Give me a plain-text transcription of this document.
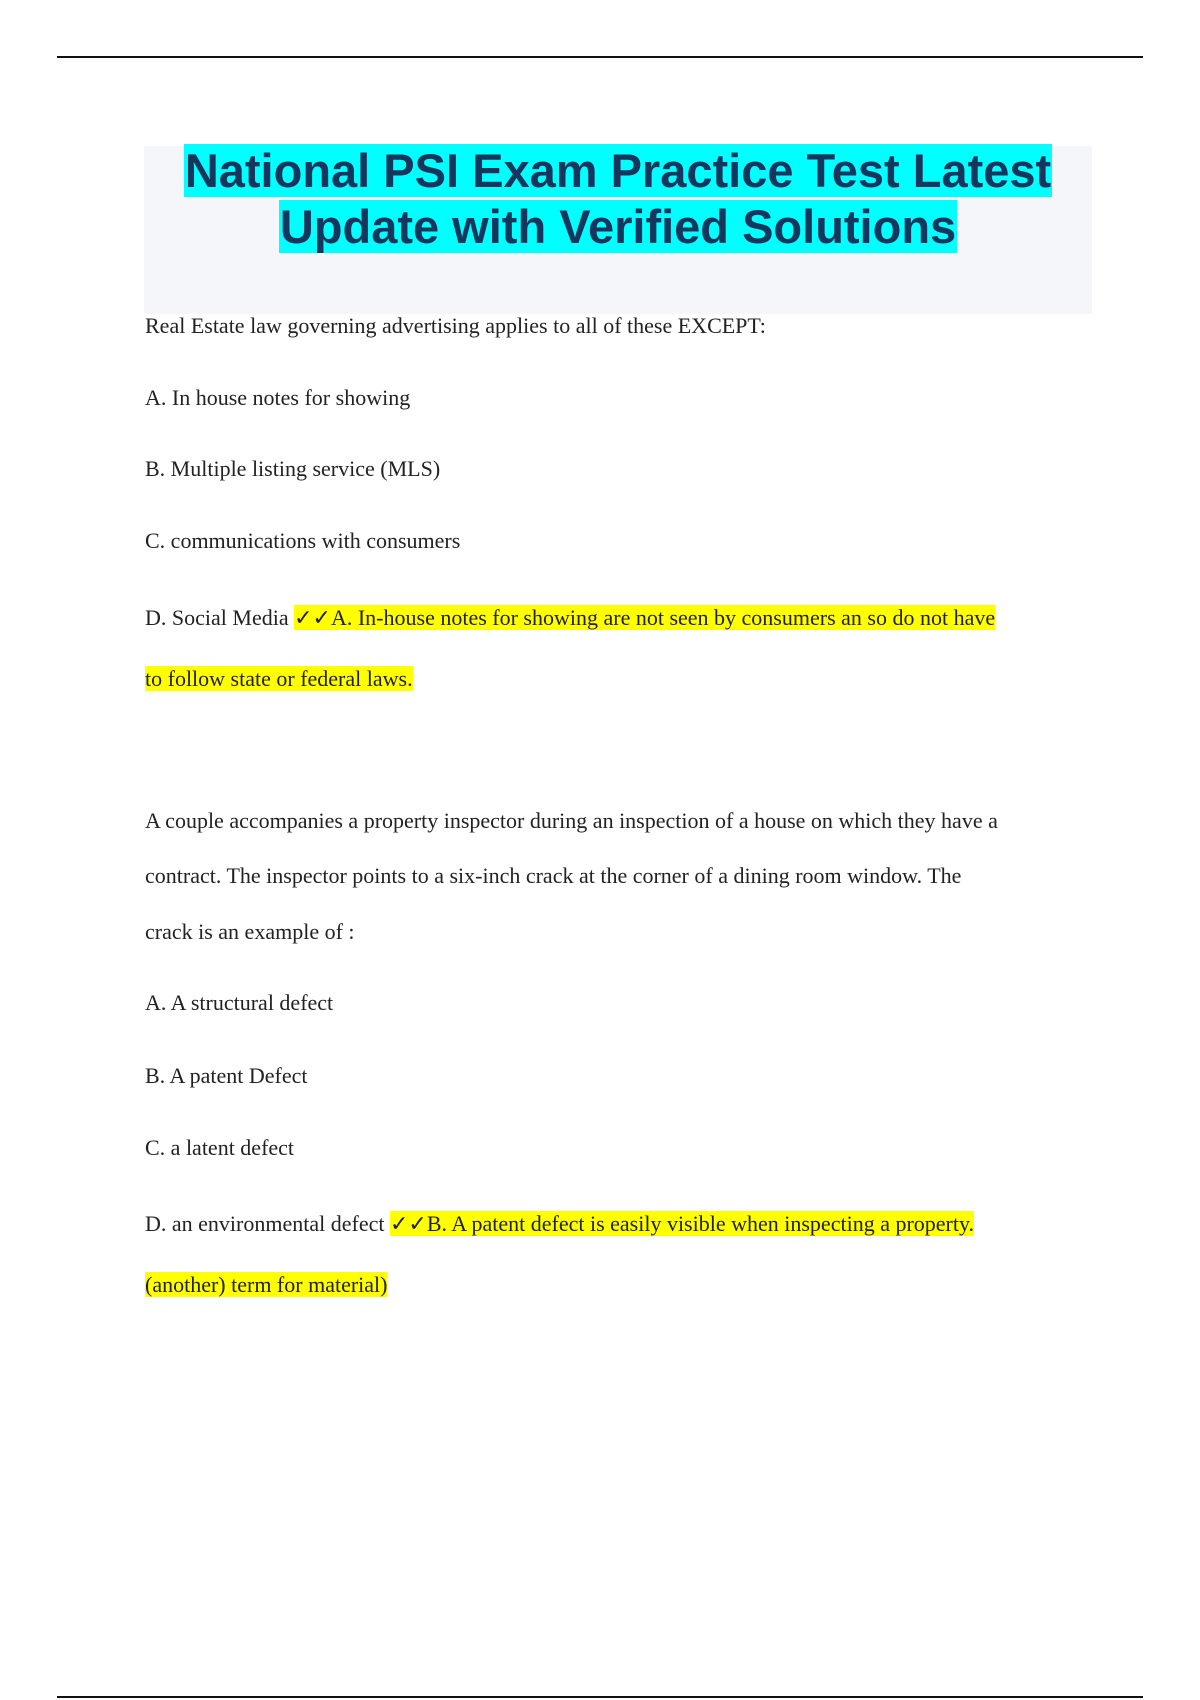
National PSI Exam Practice Test Latest
Update with Verified Solutions
Real Estate law governing advertising applies to all of these EXCEPT:
A. In house notes for showing
B. Multiple listing service (MLS)
C. communications with consumers
D. Social Media ✓✓A. In-house notes for showing are not seen by consumers an so do not have
to follow state or federal laws.
A couple accompanies a property inspector during an inspection of a house on which they have a
contract. The inspector points to a six-inch crack at the corner of a dining room window. The
crack is an example of :
A. A structural defect
B. A patent Defect
C. a latent defect
D. an environmental defect ✓✓B. A patent defect is easily visible when inspecting a property.
(another) term for material)
